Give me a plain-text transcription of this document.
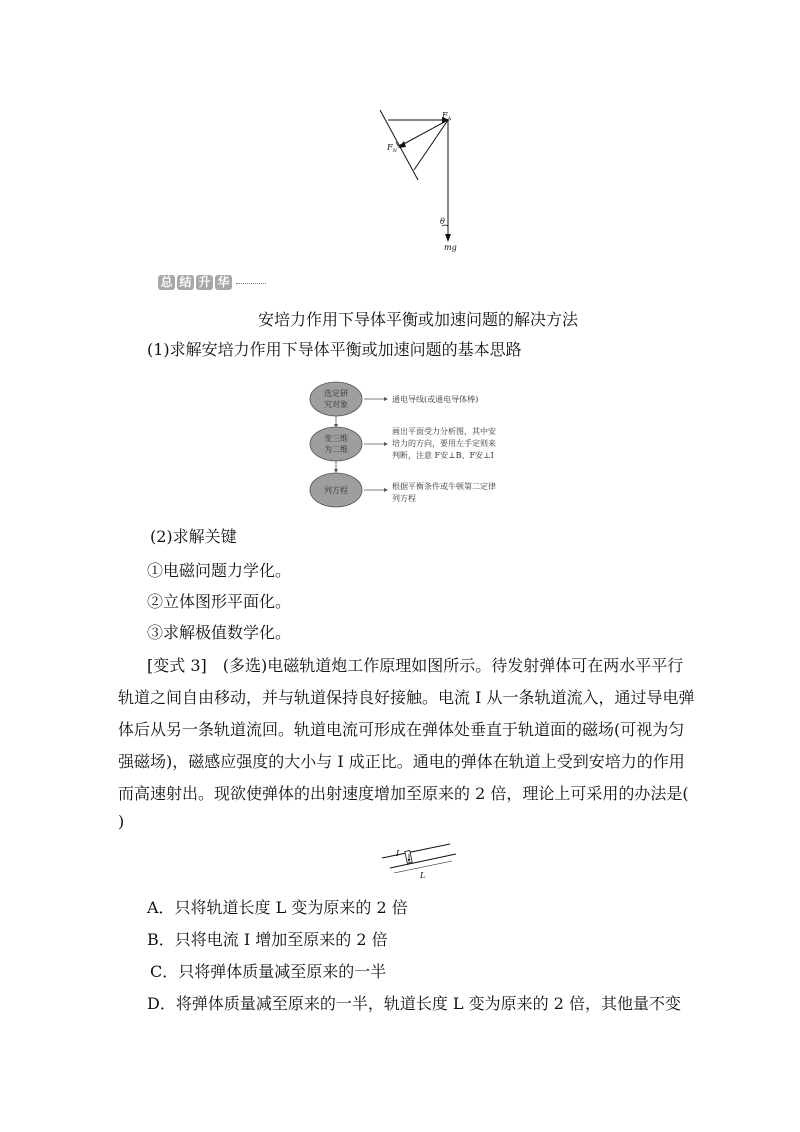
$F_A$
$F_N$
θ
mg
总 结 升 华
安培力作用下导体平衡或加速问题的解决方法
(1)求解安培力作用下导体平衡或加速问题的基本思路
选定研
究对象
变三维
为二维
列方程
通电导线(或通电导体棒)
画出平面受力分析图，其中安
培力的方向，要用左手定则来
判断，注意 F安⊥B、F安⊥I
根据平衡条件或牛顿第二定律
列方程
(2)求解关键
①电磁问题力学化。
②立体图形平面化。
③求解极值数学化。
[变式 3]　(多选)电磁轨道炮工作原理如图所示。待发射弹体可在两水平平行
轨道之间自由移动，并与轨道保持良好接触。电流 I 从一条轨道流入，通过导电弹
体后从另一条轨道流回。轨道电流可形成在弹体处垂直于轨道面的磁场(可视为匀
强磁场)，磁感应强度的大小与 I 成正比。通电的弹体在轨道上受到安培力的作用
而高速射出。现欲使弹体的出射速度增加至原来的 2 倍，理论上可采用的办法是(
)
I
L
A．只将轨道长度 L 变为原来的 2 倍
B．只将电流 I 增加至原来的 2 倍
C．只将弹体质量减至原来的一半
D．将弹体质量减至原来的一半，轨道长度 L 变为原来的 2 倍，其他量不变
